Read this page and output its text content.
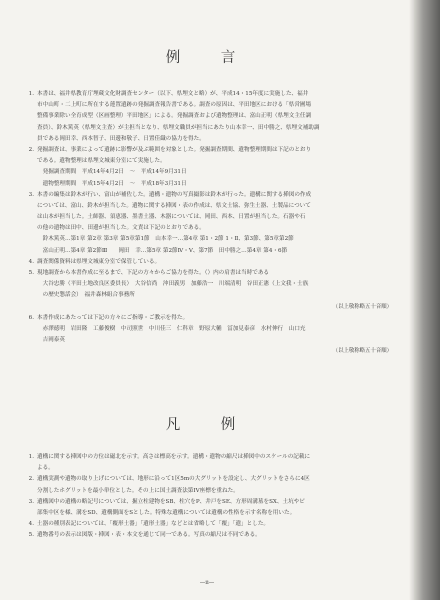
例　言
1. 本書は、福井県教育庁埋蔵文化財調査センター（以下、県埋文と略）が、平成14・15年度に実施した、福井
市中山町・二上町に所在する蓮置遺跡の発掘調査報告書である。調査の原因は、平田地区における「県営圃場
整備事業除い全育成型（区画整理）平田地区」による。発掘調査および遺物整理は、富山正明（県埋文主任調
査員）、鈴木篤英（県埋文主査）が主担当となり、県埋文職員が担当にあたり山本幸一、田中勝之、県埋文補助調
員である岡田幸、西本智子、田邊和敬子、日置佳織の協力を得た。
2. 発掘調査は、事業によって遺跡に影響が及ぶ範囲を対象とした。発掘調査期間、遺物整理期間は下記のとおり
である。遺物整理は県埋文城東分室にて実施した。
　発掘調査期間　平成14年4月2日　～　平成14年9月31日
　遺物整理期間　平成15年4月2日　～　平成18年3月31日
3. 本書の編集は鈴木が行い、富山が補佐した。遺構・遺物の写真撮影は鈴木が行った。遺構に関する挿図の作成
については、富山、鈴木が担当した。遺物に関する挿図・表の作成は、県文士協、弥生土器、土製品について
は山本が担当した。土師器、須恵器、墨書土器、木器については、岡田、西本、日置が担当した。石器や石
の他の遺物は田中、田邊が担当した。文責は下記のとおりである。
　鈴木篤英…第1章 第2章 第3章 第5章第1節　山本幸一…第4章 第1・2節 1・Ⅱ、第3節、第5章第2節
　富山正明…第4章 第2節Ⅲ　　岡田　幸…第5章 第2節Ⅳ・Ⅴ、第7節　田中勝之…第4章 第4・6節
4. 調査関係資料は県埋文城東分室で保管している。
5. 現地調査から本書作成に至るまで、下記の方々からご協力を得た。（）内の肩書は当時である
　大谷忠勝（平田土地改良区委員長）　大谷信尚　沖田義男　加藤浩一　川端清明　谷田正憲（上文我・士族
　の歴史懇話会）　福井森林組合事務所
（以上敬称略五十音順）
6. 本書作成にあたっては下記の方々にご指導・ご教示を得た。
　赤澤徳明　岩田隆　工藤俊樹　中司照世　中川佳三　仁科章　野原大輔　冨加見泰彦　水村伸行　山口充
　吉岡泰英
（以上敬称略五十音順）
凡　例
1. 遺構に関する挿図中の方位は磁北を示す。高さは標高を示す。遺構・遺物の縮尺は挿図中のスケールの記載に
よる。
2. 遺構実測や遺物の取り上げについては、地形に沿って1区5mの大グリットを設定し、大グリットをさらに4区
分割したホグリットを最小単位とした。その上に国土調査法第IV座標を重ねた。
3. 遺構図中の遺構の略記号については、掘立柱建物をSB、柱穴をP、井戸をSE、方形周溝墓をSX、土坑やピ
部集中区を様、溝をSD、遺構側面をSとした。特殊な遺構については遺構の性格を示す名称を用いた。
4. 土器の種別表記については、「覆形土器」「遺形土器」などとは省略して「覆」「遺」とした。
5. 遺物番号の表示は図版・挿図・表・本文を通じて同一である。写真の縮尺は不同である。
—ii—
